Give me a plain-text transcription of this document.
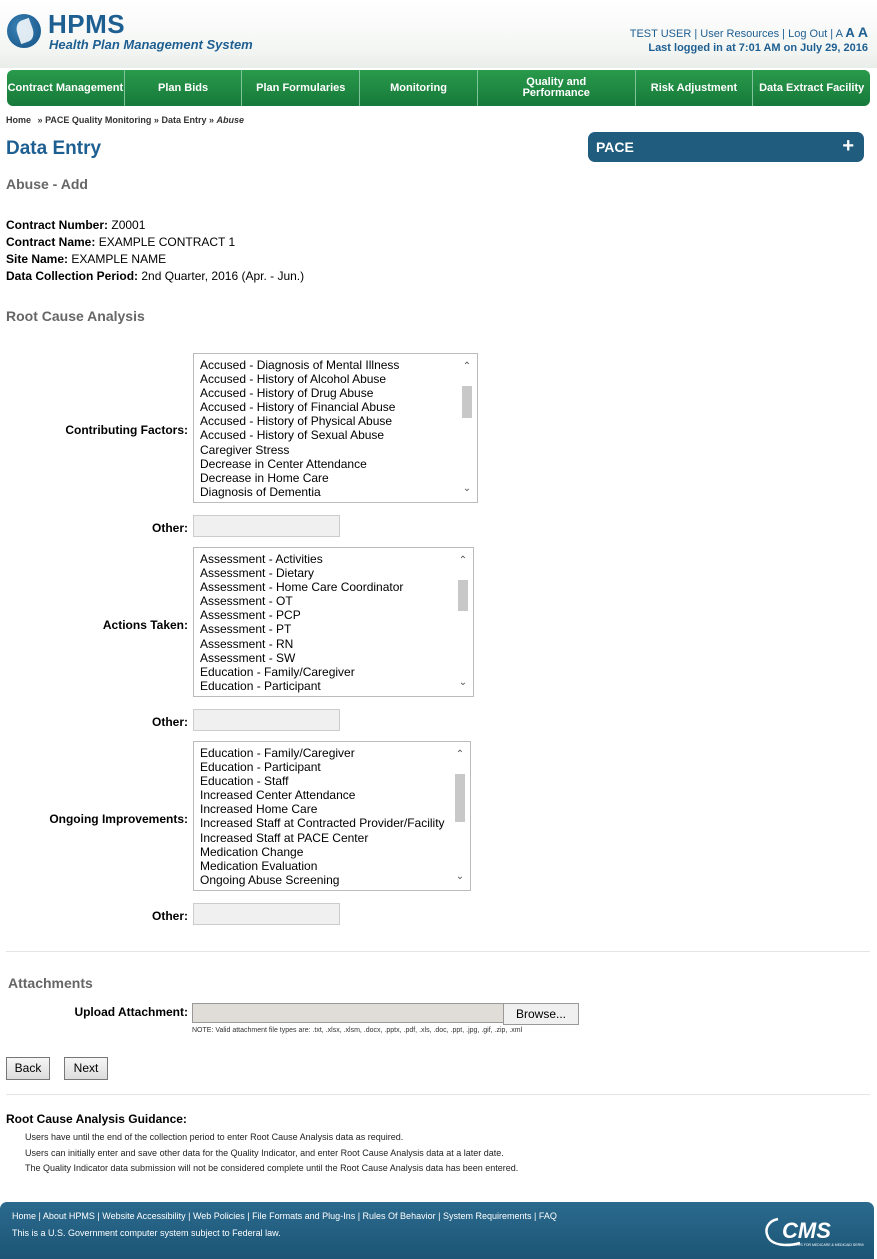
HPMS
Health Plan Management System
TEST USER | User Resources | Log Out | A A A
Last logged in at 7:01 AM on July 29, 2016
Contract Management	Plan Bids	Plan Formularies	Monitoring	Quality and Performance	Risk Adjustment	Data Extract Facility
Home » PACE Quality Monitoring » Data Entry » Abuse
Data Entry	PACE	+
Abuse - Add
Contract Number: Z0001
Contract Name: EXAMPLE CONTRACT 1
Site Name: EXAMPLE NAME
Data Collection Period: 2nd Quarter, 2016 (Apr. - Jun.)
Root Cause Analysis
Contributing Factors:
Accused - Diagnosis of Mental Illness
Accused - History of Alcohol Abuse
Accused - History of Drug Abuse
Accused - History of Financial Abuse
Accused - History of Physical Abuse
Accused - History of Sexual Abuse
Caregiver Stress
Decrease in Center Attendance
Decrease in Home Care
Diagnosis of Dementia
⌃
⌄
Other:
Actions Taken:
Assessment - Activities
Assessment - Dietary
Assessment - Home Care Coordinator
Assessment - OT
Assessment - PCP
Assessment - PT
Assessment - RN
Assessment - SW
Education - Family/Caregiver
Education - Participant
⌃
⌄
Other:
Ongoing Improvements:
Education - Family/Caregiver
Education - Participant
Education - Staff
Increased Center Attendance
Increased Home Care
Increased Staff at Contracted Provider/Facility
Increased Staff at PACE Center
Medication Change
Medication Evaluation
Ongoing Abuse Screening
⌃
⌄
Other:
Attachments
Upload Attachment:	Browse...
NOTE: Valid attachment file types are: .txt, .xlsx, .xlsm, .docx, .pptx, .pdf, .xls, .doc, .ppt, .jpg, .gif, .zip, .xml
Back	Next
Root Cause Analysis Guidance:
Users have until the end of the collection period to enter Root Cause Analysis data as required.
Users can initially enter and save other data for the Quality Indicator, and enter Root Cause Analysis data at a later date.
The Quality Indicator data submission will not be considered complete until the Root Cause Analysis data has been entered.
Home | About HPMS | Website Accessibility | Web Policies | File Formats and Plug-Ins | Rules Of Behavior | System Requirements | FAQ
This is a U.S. Government computer system subject to Federal law.	CMS
CENTERS FOR MEDICARE & MEDICAID SERVICES
